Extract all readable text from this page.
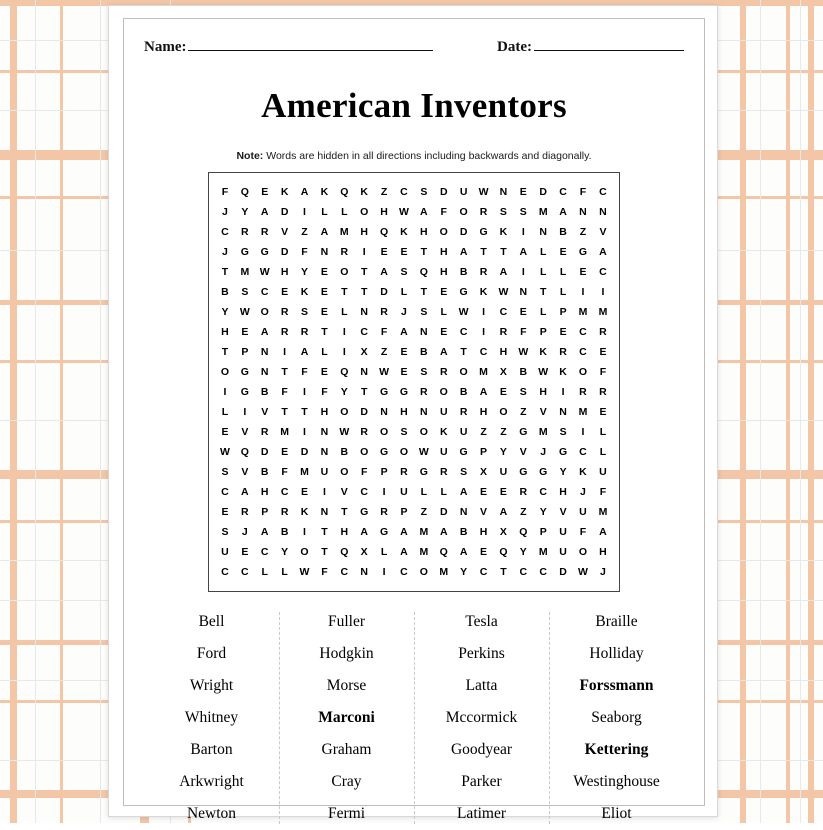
Name:	Date:
American Inventors
Note: Words are hidden in all directions including backwards and diagonally.
F	Q	E	K	A	K	Q	K	Z	C	S	D	U	W	N	E	D	C	F	C
J	Y	A	D	I	L	L	O	H	W	A	F	O	R	S	S	M	A	N	N
C	R	R	V	Z	A	M	H	Q	K	H	O	D	G	K	I	N	B	Z	V
J	G	G	D	F	N	R	I	E	E	T	H	A	T	T	A	L	E	G	A
T	M	W	H	Y	E	O	T	A	S	Q	H	B	R	A	I	L	L	E	C
B	S	C	E	K	E	T	T	D	L	T	E	G	K	W	N	T	L	I	I
Y	W	O	R	S	E	L	N	R	J	S	L	W	I	C	E	L	P	M	M
H	E	A	R	R	T	I	C	F	A	N	E	C	I	R	F	P	E	C	R
T	P	N	I	A	L	I	X	Z	E	B	A	T	C	H	W	K	R	C	E
O	G	N	T	F	E	Q	N	W	E	S	R	O	M	X	B	W	K	O	F
I	G	B	F	I	F	Y	T	G	G	R	O	B	A	E	S	H	I	R	R
L	I	V	T	T	H	O	D	N	H	N	U	R	H	O	Z	V	N	M	E
E	V	R	M	I	N	W	R	O	S	O	K	U	Z	Z	G	M	S	I	L
W	Q	D	E	D	N	B	O	G	O	W	U	G	P	Y	V	J	G	C	L
S	V	B	F	M	U	O	F	P	R	G	R	S	X	U	G	G	Y	K	U
C	A	H	C	E	I	V	C	I	U	L	L	A	E	E	R	C	H	J	F
E	R	P	R	K	N	T	G	R	P	Z	D	N	V	A	Z	Y	V	U	M
S	J	A	B	I	T	H	A	G	A	M	A	B	H	X	Q	P	U	F	A
U	E	C	Y	O	T	Q	X	L	A	M	Q	A	E	Q	Y	M	U	O	H
C	C	L	L	W	F	C	N	I	C	O	M	Y	C	T	C	C	D	W	J
Bell
Ford
Wright
Whitney
Barton
Arkwright
Newton
Fuller
Hodgkin
Morse
Marconi
Graham
Cray
Fermi
Tesla
Perkins
Latta
Mccormick
Goodyear
Parker
Latimer
Braille
Holliday
Forssmann
Seaborg
Kettering
Westinghouse
Eliot
